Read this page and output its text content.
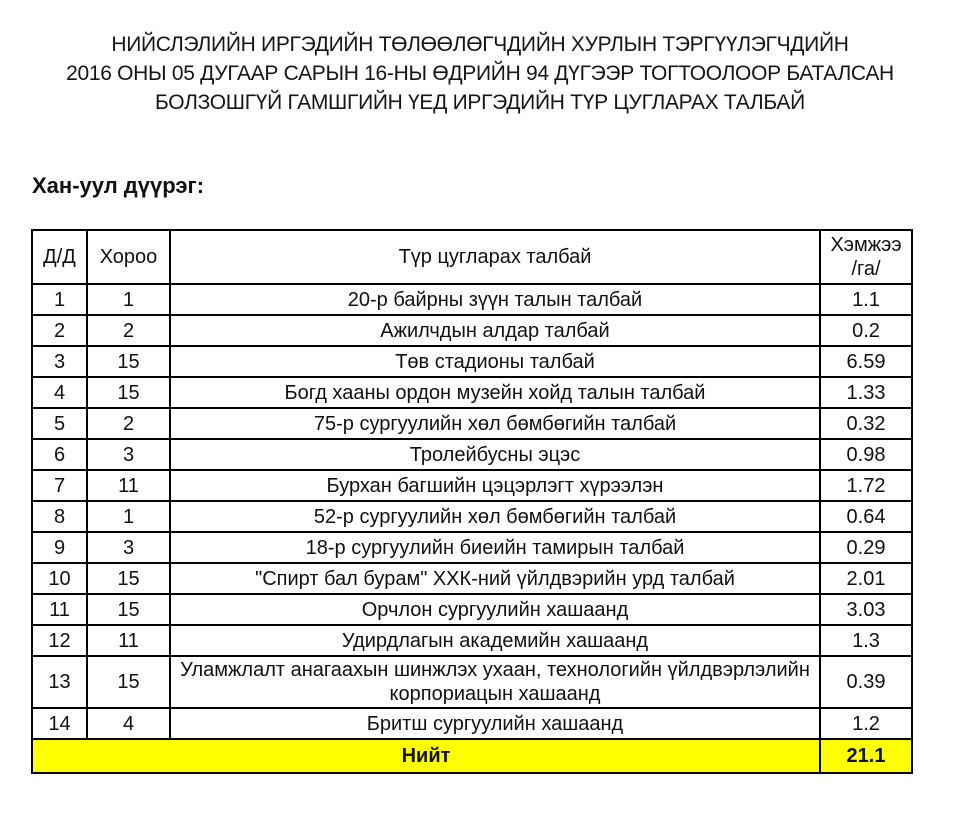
НИЙСЛЭЛИЙН ИРГЭДИЙН ТӨЛӨӨЛӨГЧДИЙН ХУРЛЫН ТЭРГҮҮЛЭГЧДИЙН
2016 ОНЫ 05 ДУГААР САРЫН 16-НЫ ӨДРИЙН 94 ДҮГЭЭР ТОГТООЛООР БАТАЛСАН
БОЛЗОШГҮЙ ГАМШГИЙН ҮЕД ИРГЭДИЙН ТҮР ЦУГЛАРАХ ТАЛБАЙ
Хан-уул дүүрэг:
Д/Д	Хороо	Түр цугларах талбай	Хэмжээ
/га/

1	1	20-р байрны зүүн талын талбай	1.1
2	2	Ажилчдын алдар талбай	0.2
3	15	Төв стадионы талбай	6.59
4	15	Богд хааны ордон музейн хойд талын талбай	1.33
5	2	75-р сургуулийн хөл бөмбөгийн талбай	0.32
6	3	Тролейбусны эцэс	0.98
7	11	Бурхан багшийн цэцэрлэгт хүрээлэн	1.72
8	1	52-р сургуулийн хөл бөмбөгийн талбай	0.64
9	3	18-р сургуулийн биеийн тамирын талбай	0.29
10	15	"Спирт бал бурам" ХХК-ний үйлдвэрийн урд талбай	2.01
11	15	Орчлон сургуулийн хашаанд	3.03
12	11	Удирдлагын академийн хашаанд	1.3
13	15	Уламжлалт анагаахын шинжлэх ухаан, технологийн үйлдвэрлэлийн корпориацын хашаанд	0.39
14	4	Бритш сургуулийн хашаанд	1.2
Нийт			21.1
